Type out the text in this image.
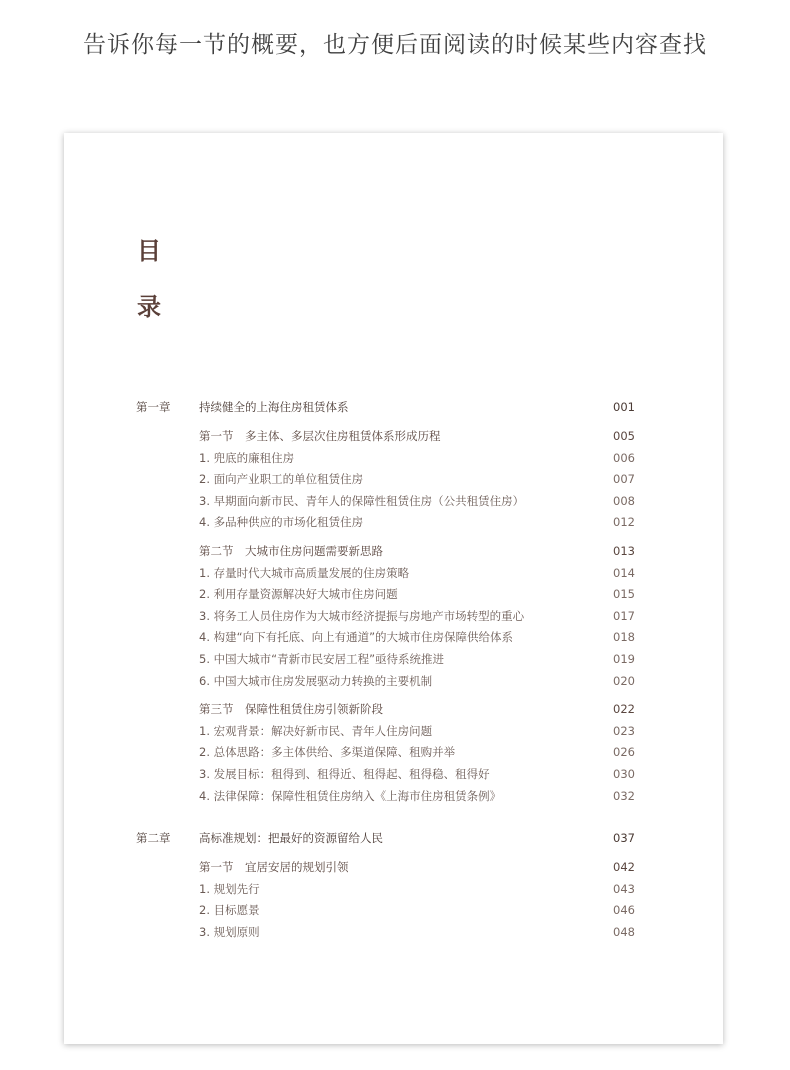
告诉你每一节的概要，也方便后面阅读的时候某些内容查找
目
录
第一章 持续健全的上海住房租赁体系	001
第一节　多主体、多层次住房租赁体系形成历程	005
1. 兜底的廉租住房	006
2. 面向产业职工的单位租赁住房	007
3. 早期面向新市民、青年人的保障性租赁住房（公共租赁住房）	008
4. 多品种供应的市场化租赁住房	012
第二节　大城市住房问题需要新思路	013
1. 存量时代大城市高质量发展的住房策略	014
2. 利用存量资源解决好大城市住房问题	015
3. 将务工人员住房作为大城市经济提振与房地产市场转型的重心	017
4. 构建“向下有托底、向上有通道”的大城市住房保障供给体系	018
5. 中国大城市“青新市民安居工程”亟待系统推进	019
6. 中国大城市住房发展驱动力转换的主要机制	020
第三节　保障性租赁住房引领新阶段	022
1. 宏观背景：解决好新市民、青年人住房问题	023
2. 总体思路：多主体供给、多渠道保障、租购并举	026
3. 发展目标：租得到、租得近、租得起、租得稳、租得好	030
4. 法律保障：保障性租赁住房纳入《上海市住房租赁条例》	032
第二章 高标准规划：把最好的资源留给人民	037
第一节　宜居安居的规划引领	042
1. 规划先行	043
2. 目标愿景	046
3. 规划原则	048
